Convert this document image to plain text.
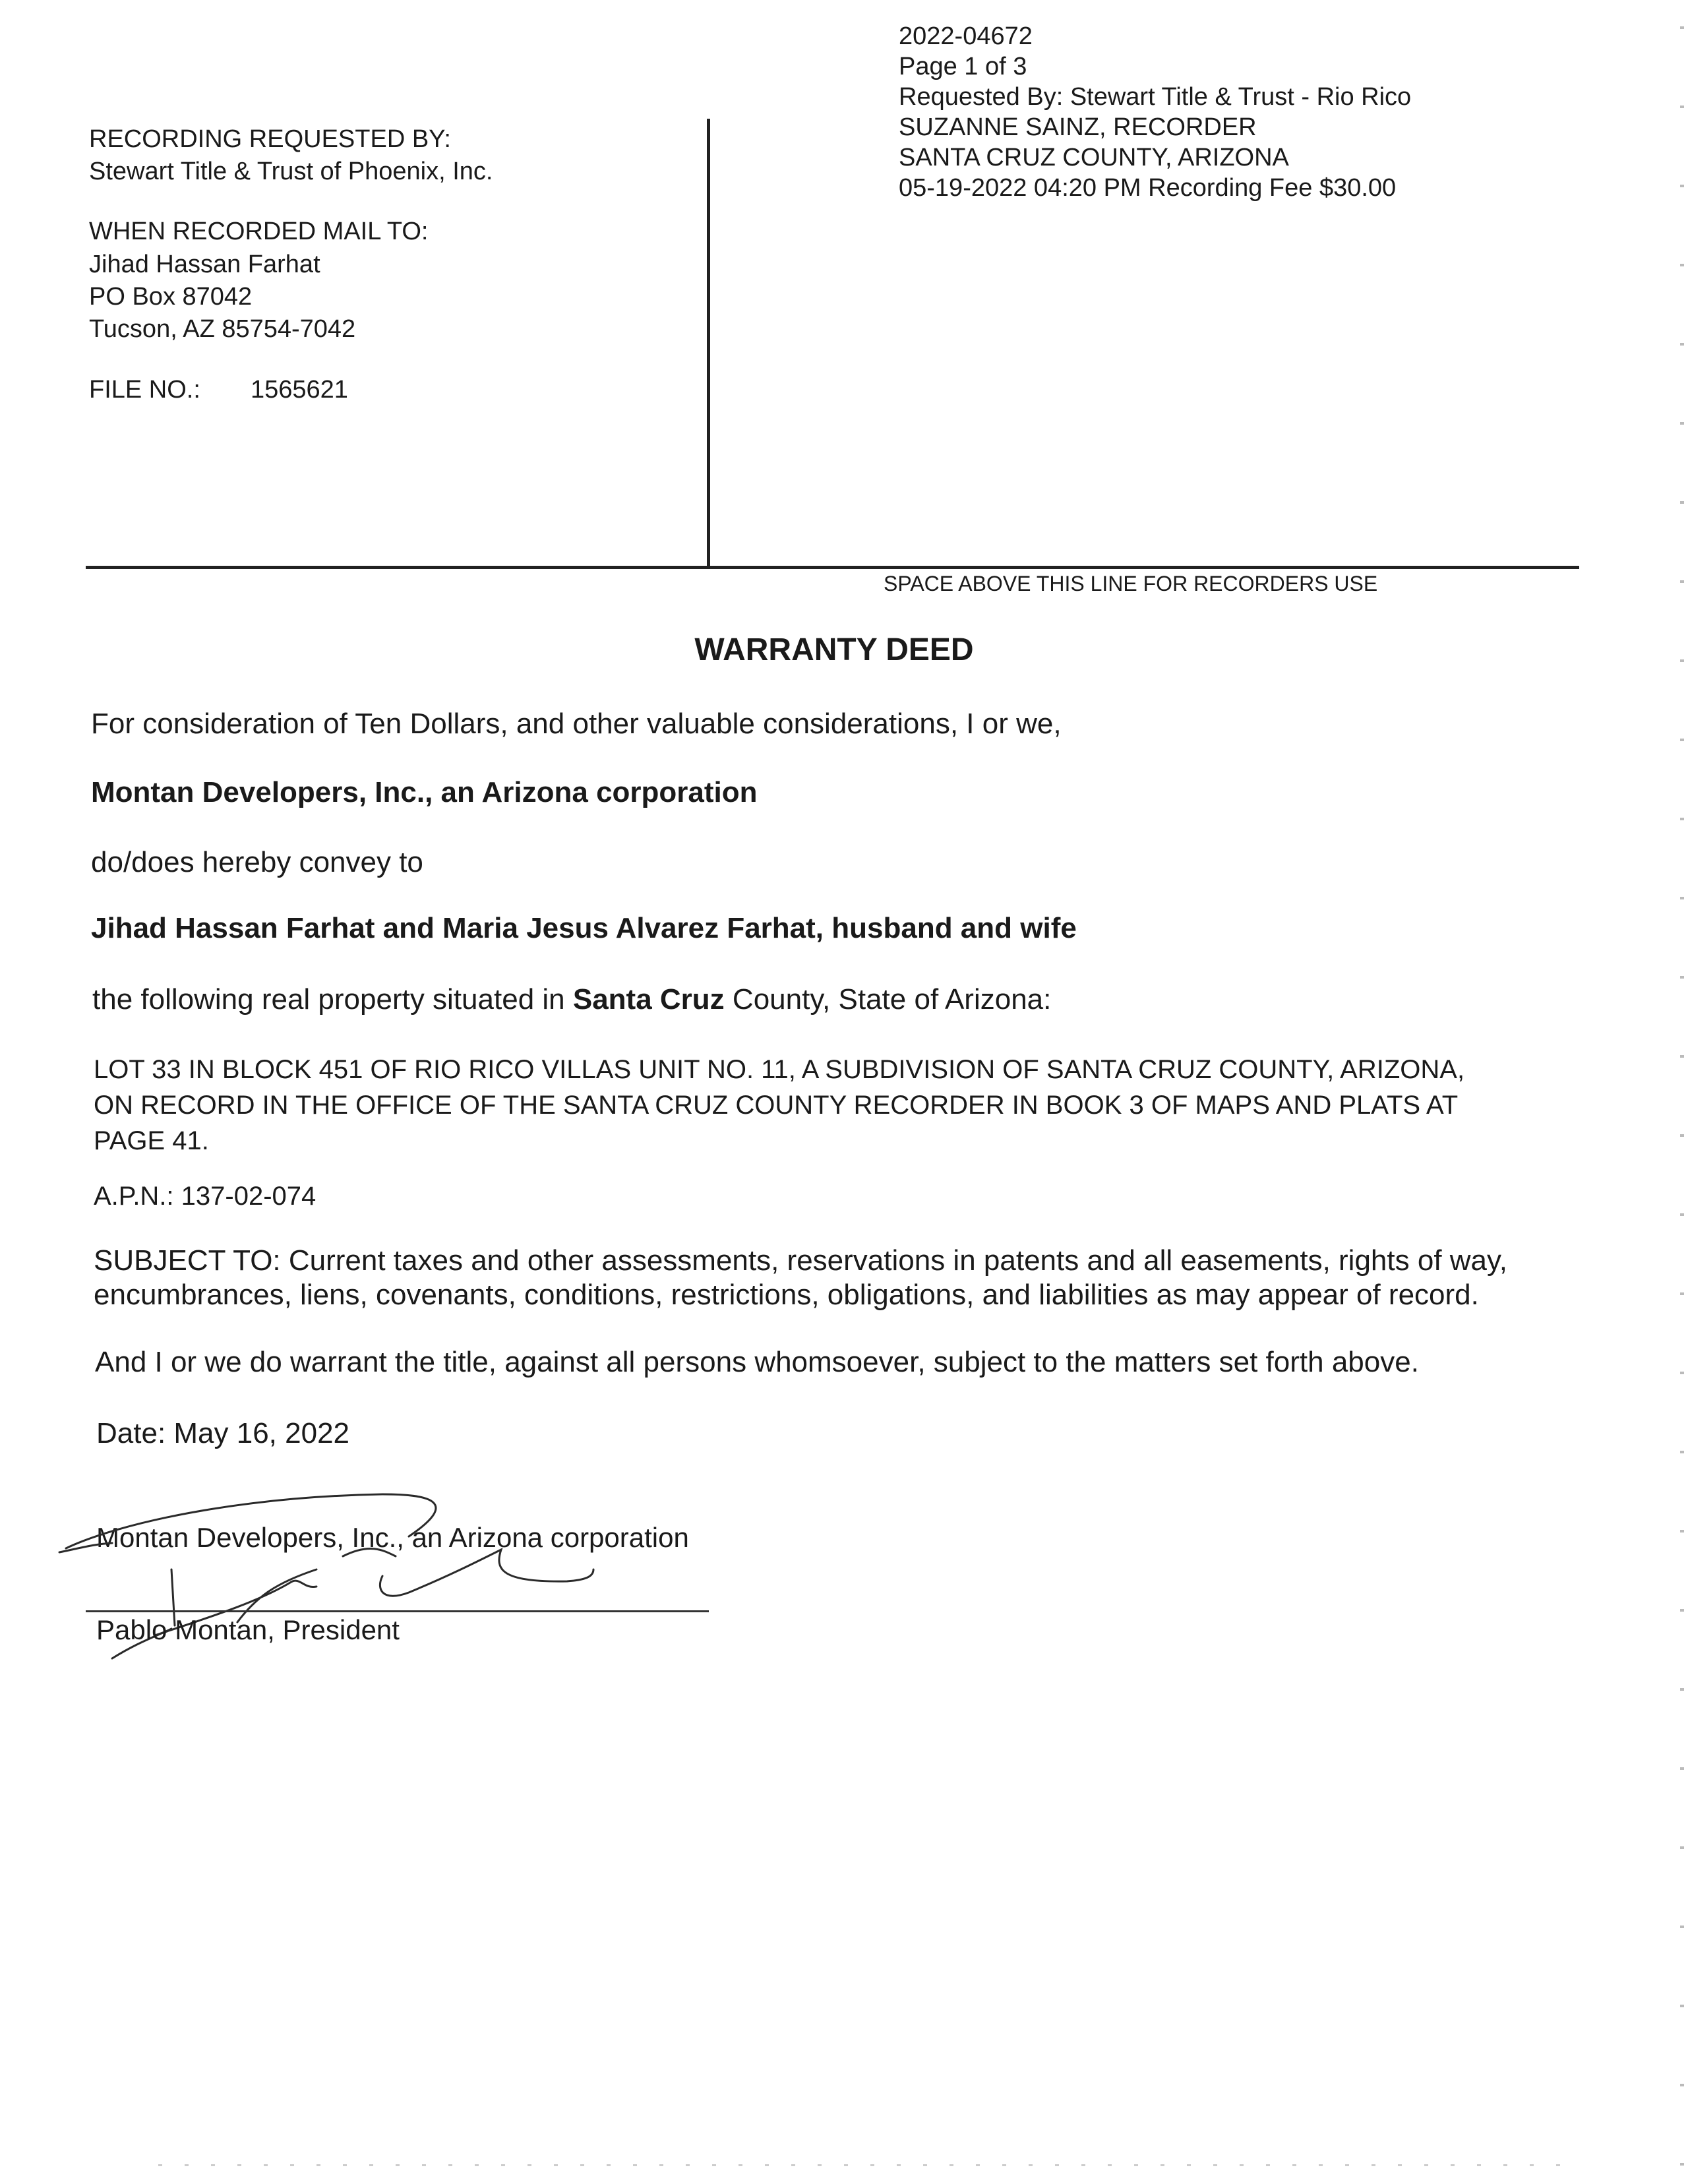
2022-04672
Page 1 of 3
Requested By: Stewart Title & Trust - Rio Rico
SUZANNE SAINZ, RECORDER
SANTA CRUZ COUNTY, ARIZONA
05-19-2022 04:20 PM Recording Fee $30.00
RECORDING REQUESTED BY:
Stewart Title & Trust of Phoenix, Inc.
WHEN RECORDED MAIL TO:
Jihad Hassan Farhat
PO Box 87042
Tucson, AZ 85754-7042
FILE NO.: 1565621
SPACE ABOVE THIS LINE FOR RECORDERS USE
WARRANTY DEED
For consideration of Ten Dollars, and other valuable considerations, I or we,
Montan Developers, Inc., an Arizona corporation
do/does hereby convey to
Jihad Hassan Farhat and Maria Jesus Alvarez Farhat, husband and wife
the following real property situated in Santa Cruz County, State of Arizona:
LOT 33 IN BLOCK 451 OF RIO RICO VILLAS UNIT NO. 11, A SUBDIVISION OF SANTA CRUZ COUNTY, ARIZONA,
ON RECORD IN THE OFFICE OF THE SANTA CRUZ COUNTY RECORDER IN BOOK 3 OF MAPS AND PLATS AT
PAGE 41.
A.P.N.: 137-02-074
SUBJECT TO: Current taxes and other assessments, reservations in patents and all easements, rights of way,
encumbrances, liens, covenants, conditions, restrictions, obligations, and liabilities as may appear of record.
And I or we do warrant the title, against all persons whomsoever, subject to the matters set forth above.
Date: May 16, 2022
Montan Developers, Inc., an Arizona corporation
Pablo Montan, President
